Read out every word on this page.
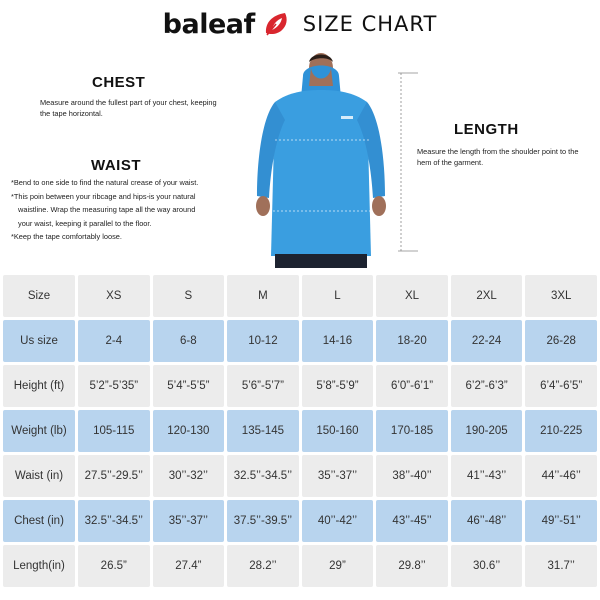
baleaf SIZE CHART
CHEST
Measure around the fullest part of your chest, keeping the tape horizontal.
WAIST

*Bend to one side to find the natural crease of your waist.

*This poin between your ribcage and hips-is your natural

waistline. Wrap the measuring tape all the way around

your waist, keeping it parallel to the floor.

*Keep the tape comfortably loose.

LENGTH
Measure the length from the shoulder point to the hem of the garment.
Size	XS	S	M	L	XL	2XL	3XL
Us size	2-4	6-8	10-12	14-16	18-20	22-24	26-28
Height (ft)	5’2”-5’35”	5’4”-5’5”	5’6”-5’7”	5’8”-5’9”	6’0”-6’1”	6’2”-6’3”	6’4”-6’5”
Weight (lb)	105-115	120-130	135-145	150-160	170-185	190-205	210-225
Waist (in)	27.5’’-29.5’’	30’’-32’’	32.5’’-34.5’’	35’’-37’’	38’’-40’’	41’’-43’’	44’’-46’’
Chest (in)	32.5’’-34.5’’	35’’-37’’	37.5’’-39.5’’	40’’-42’’	43’’-45’’	46’’-48’’	49’’-51’’
Length(in)	26.5”	27.4”	28.2’’	29”	29.8’’	30.6’’	31.7’’
